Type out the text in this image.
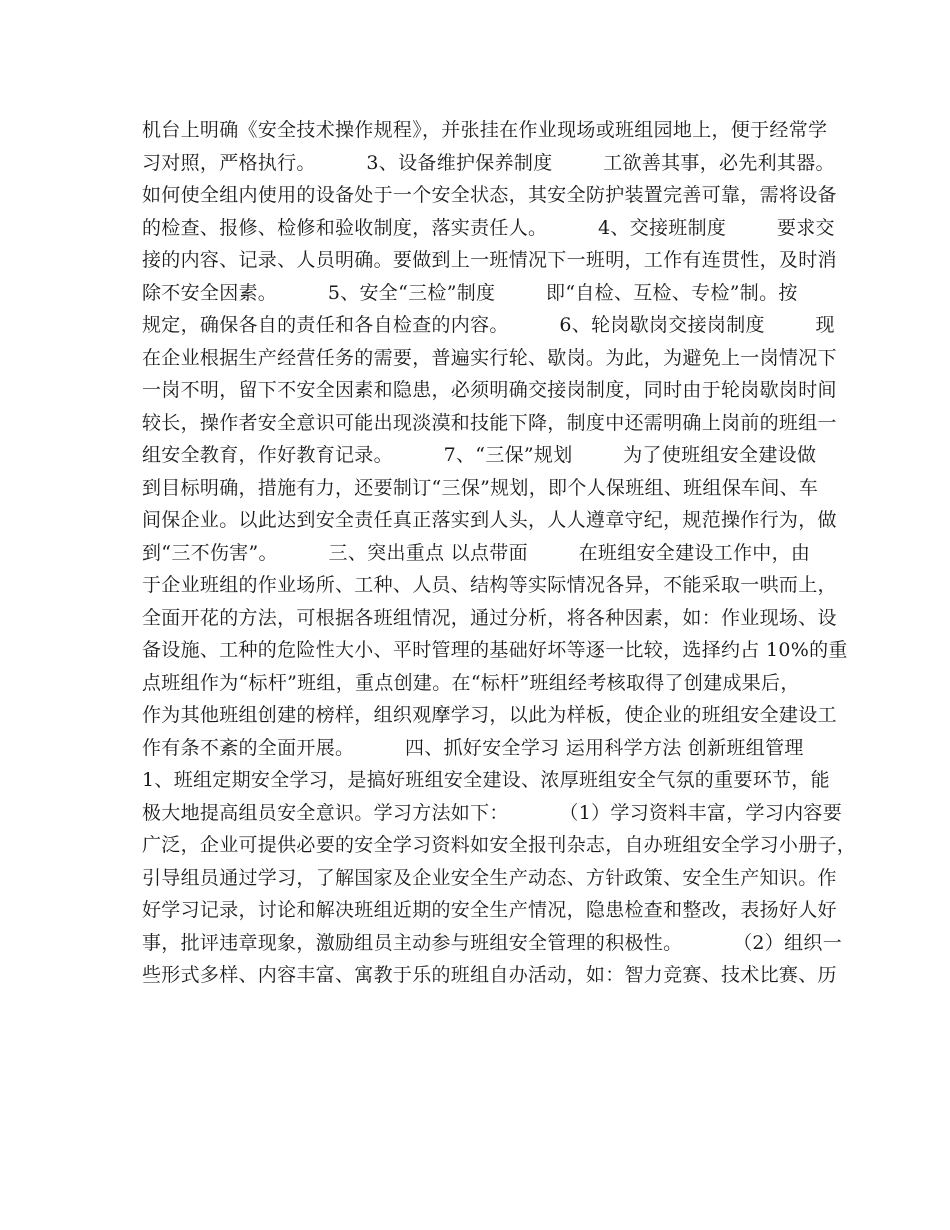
机台上明确《安全技术操作规程》，并张挂在作业现场或班组园地上，便于经常学
习对照，严格执行。        3、设备维护保养制度        工欲善其事，必先利其器。
如何使全组内使用的设备处于一个安全状态，其安全防护装置完善可靠，需将设备
的检查、报修、检修和验收制度，落实责任人。        4、交接班制度        要求交
接的内容、记录、人员明确。要做到上一班情况下一班明，工作有连贯性，及时消
除不安全因素。        5、安全“三检”制度        即“自检、互检、专检”制。按
规定，确保各自的责任和各自检查的内容。        6、轮岗歇岗交接岗制度        现
在企业根据生产经营任务的需要，普遍实行轮、歇岗。为此，为避免上一岗情况下
一岗不明，留下不安全因素和隐患，必须明确交接岗制度，同时由于轮岗歇岗时间
较长，操作者安全意识可能出现淡漠和技能下降，制度中还需明确上岗前的班组一
组安全教育，作好教育记录。        7、“三保”规划        为了使班组安全建设做
到目标明确，措施有力，还要制订“三保”规划，即个人保班组、班组保车间、车
间保企业。以此达到安全责任真正落实到人头，人人遵章守纪，规范操作行为，做
到“三不伤害”。        三、突出重点 以点带面        在班组安全建设工作中，由
于企业班组的作业场所、工种、人员、结构等实际情况各异，不能采取一哄而上，
全面开花的方法，可根据各班组情况，通过分析，将各种因素，如：作业现场、设
备设施、工种的危险性大小、平时管理的基础好坏等逐一比较，选择约占 10%的重
点班组作为“标杆”班组，重点创建。在“标杆”班组经考核取得了创建成果后，
作为其他班组创建的榜样，组织观摩学习，以此为样板，使企业的班组安全建设工
作有条不紊的全面开展。        四、抓好安全学习 运用科学方法 创新班组管理
1、班组定期安全学习，是搞好班组安全建设、浓厚班组安全气氛的重要环节，能
极大地提高组员安全意识。学习方法如下：        （1）学习资料丰富，学习内容要
广泛，企业可提供必要的安全学习资料如安全报刊杂志，自办班组安全学习小册子，
引导组员通过学习，了解国家及企业安全生产动态、方针政策、安全生产知识。作
好学习记录，讨论和解决班组近期的安全生产情况，隐患检查和整改，表扬好人好
事，批评违章现象，激励组员主动参与班组安全管理的积极性。        （2）组织一
些形式多样、内容丰富、寓教于乐的班组自办活动，如：智力竞赛、技术比赛、历
